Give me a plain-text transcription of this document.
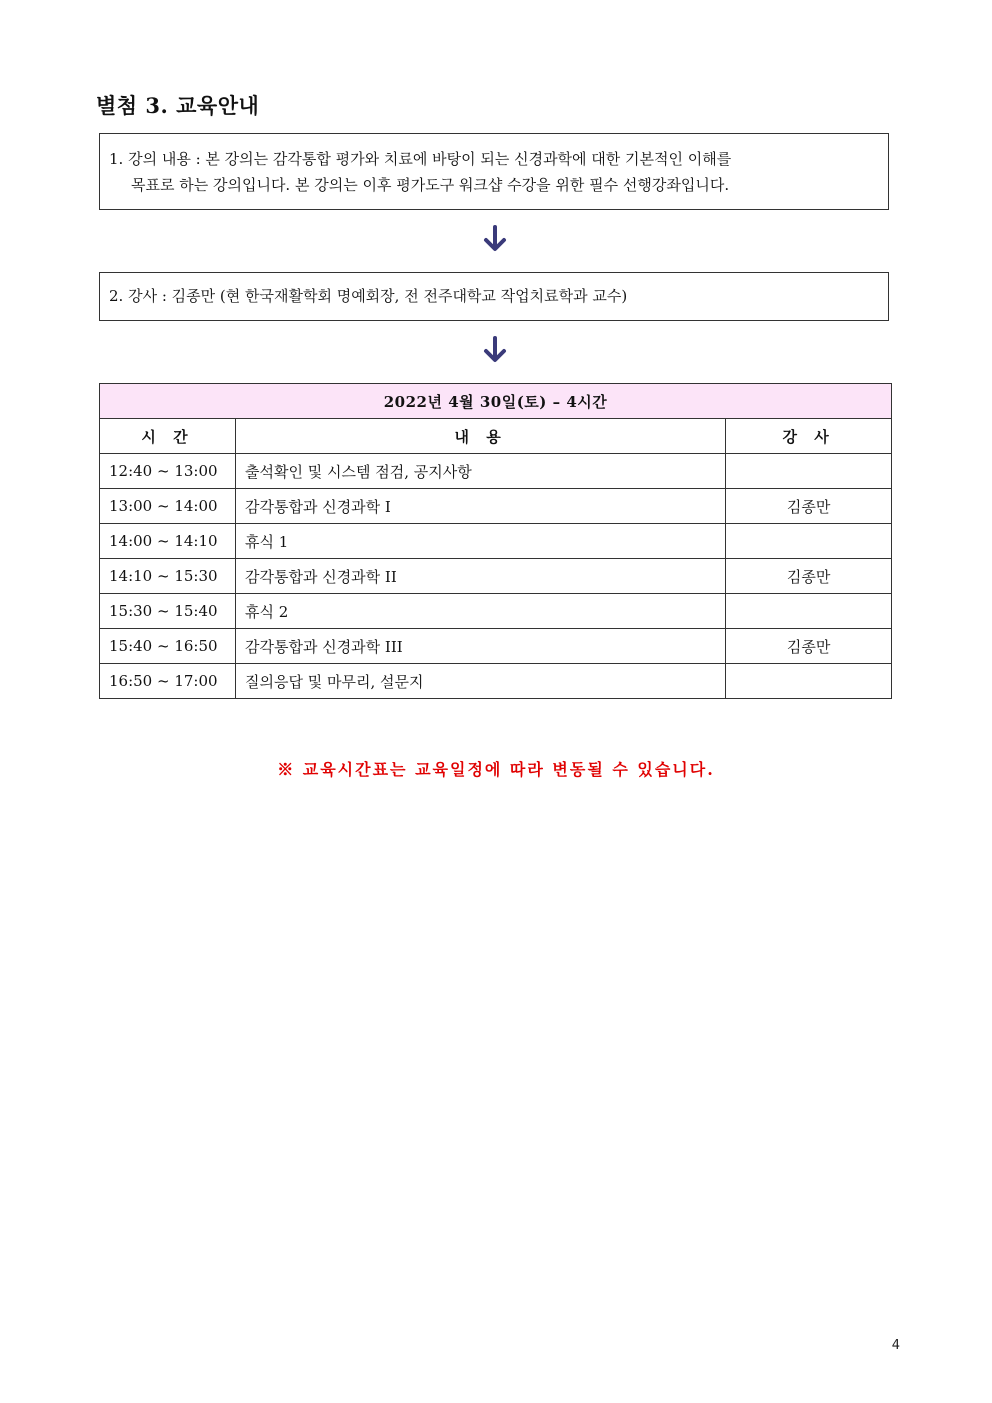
별첨 3. 교육안내
1. 강의 내용 : 본 강의는 감각통합 평가와 치료에 바탕이 되는 신경과학에 대한 기본적인 이해를
목표로 하는 강의입니다. 본 강의는 이후 평가도구 워크샵 수강을 위한 필수 선행강좌입니다.
2. 강사 : 김종만 (현 한국재활학회 명예회장, 전 전주대학교 작업치료학과 교수)
2022년 4월 30일(토) – 4시간		
시 간	내 용	강 사
12:40 ~ 13:00	출석확인 및 시스템 점검, 공지사항	
13:00 ~ 14:00	감각통합과 신경과학 I	김종만
14:00 ~ 14:10	휴식 1	
14:10 ~ 15:30	감각통합과 신경과학 II	김종만
15:30 ~ 15:40	휴식 2	
15:40 ~ 16:50	감각통합과 신경과학 III	김종만
16:50 ~ 17:00	질의응답 및 마무리, 설문지	
※ 교육시간표는 교육일정에 따라 변동될 수 있습니다.
4
